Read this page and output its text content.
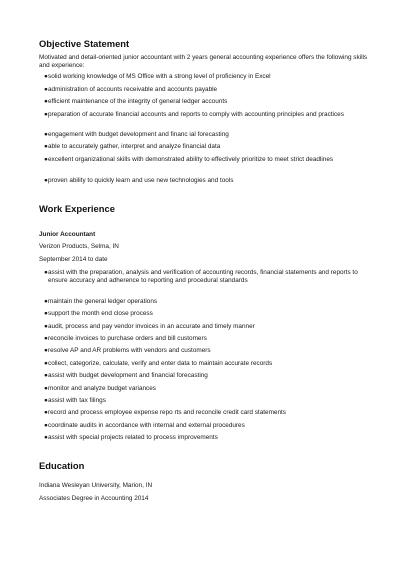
Objective Statement

Motivated and detail-oriented junior accountant with 2 years general accounting experience offers the following skills and experience:

● solid working knowledge of MS Office with a strong level of proficiency in Excel
● administration of accounts receivable and accounts payable
● efficient maintenance of the integrity of general ledger accounts
● preparation of accurate financial accounts and reports to comply with accounting principles and practices
● engagement with budget development and financ ial forecasting
● able to accurately gather, interpret and analyze financial data
● excellent organizational skills with demonstrated ability to effectively prioritize to meet strict deadlines
● proven ability to quickly learn and use new technologies and tools
Work Experience
Junior Accountant
Verizon Products, Selma, IN
September 2014 to date
● assist with the preparation, analysis and verification of accounting records, financial statements and reports to ensure accuracy and adherence to reporting and procedural standards
● maintain the general ledger operations
● support the month end close process
● audit, process and pay vendor invoices in an accurate and timely manner
● reconcile invoices to purchase orders and bill customers
● resolve AP and AR problems with vendors and customers
● collect, categorize, calculate, verify and enter data to maintain accurate records
● assist with budget development and financial forecasting
● monitor and analyze budget variances
● assist with tax filings
● record and process employee expense repo rts and reconcile credit card statements
● coordinate audits in accordance with internal and external procedures
● assist with special projects related to process improvements
Education
Indiana Wesleyan University, Marion, IN
Associates Degree in Accounting 2014
